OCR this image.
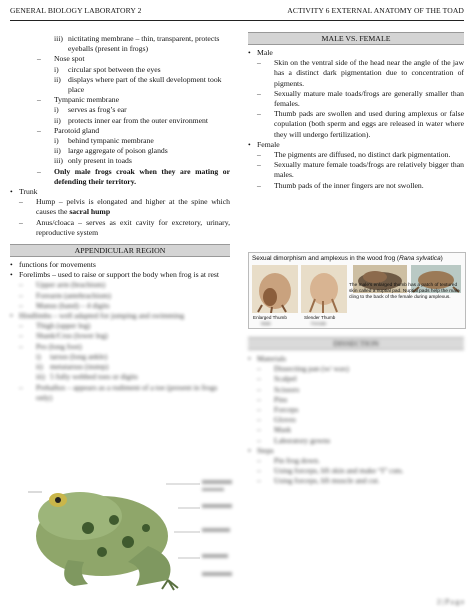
GENERAL BIOLOGY LABORATORY 2	ACTIVITY 6 EXTERNAL ANATOMY OF THE TOAD
iii) nictitating membrane – thin, transparent, protects eyeballs (present in frogs)
–	Nose spot
i)	circular spot between the eyes
ii) displays where part of the skull development took place
–	Tympanic membrane
i)	serves as frog’s ear
ii) protects inner ear from the outer environment
–	Parotoid gland
i)	behind tympanic membrane
ii) large aggregate of poison glands
iii) only present in toads
–	Only male frogs croak when they are mating or defending their territory.
• Trunk
–	Hump – pelvis is elongated and higher at the spine which causes the sacral hump
–	Anus/cloaca – serves as exit cavity for excretory, urinary, reproductive system
APPENDICULAR REGION
• functions for movements
• Forelimbs – used to raise or support the body when frog is at rest
–	Upper arm (brachium)
–	Forearm (antebrachium)
–	Manus (hand) – 4 digits
• Hindlimbs – well adapted for jumping and swimming
–	Thigh (upper leg)
–	Shank/Crus (lower leg)
–	Pes (long foot)
i)	tarsus (long ankle)
ii) metatarsus (instep)
iii) 5 fully webbed toes or digits
–	Prehallux – appears as a rudiment of a toe (present in frogs only)
MALE VS. FEMALE
• Male
–	Skin on the ventral side of the head near the angle of the jaw has a distinct dark pigmentation due to concentration of pigments.
–	Sexually mature male toads/frogs are generally smaller than females.
–	Thumb pads are swollen and used during amplexus or false copulation (both sperm and eggs are released in water where they will undergo fertilization).
• Female
–	The pigments are diffused, no distinct dark pigmentation.
–	Sexually mature female toads/frogs are relatively bigger than males.
–	Thumb pads of the inner fingers are not swollen.
Sexual dimorphism and amplexus in the wood frog (Rana sylvatica)
The male's enlarged thumb has a patch of textured skin called a nuptial pad. Nuptial pads help the male cling to the back of the female during amplexus.
Enlarged Thumb	Slender Thumb
Male	Female
DISSECTION
• Materials
–	Dissecting pan (w/ wax)
–	Scalpel
–	Scissors
–	Pins
–	Forceps
–	Gloves
–	Mask
–	Laboratory gowns
• Steps
–	Pin frog down.
–	Using forceps, lift skin and make “I” cuts.
–	Using forceps, lift muscle and cut.
2 | P a g e
